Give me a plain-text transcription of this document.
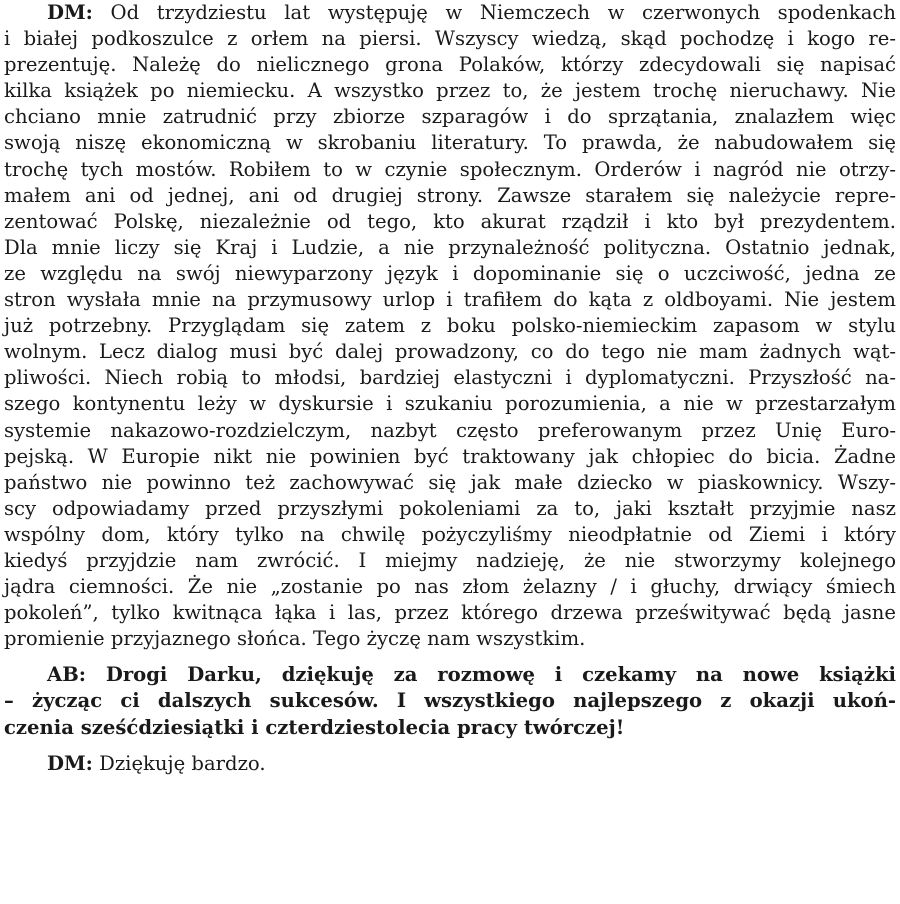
DM: Od trzydziestu lat występuję w Niemczech w czerwonych spodenkach
i białej podkoszulce z orłem na piersi. Wszyscy wiedzą, skąd pochodzę i kogo re-
prezentuję. Należę do nielicznego grona Polaków, którzy zdecydowali się napisać
kilka książek po niemiecku. A wszystko przez to, że jestem trochę nieruchawy. Nie
chciano mnie zatrudnić przy zbiorze szparagów i do sprzątania, znalazłem więc
swoją niszę ekonomiczną w skrobaniu literatury. To prawda, że nabudowałem się
trochę tych mostów. Robiłem to w czynie społecznym. Orderów i nagród nie otrzy-
małem ani od jednej, ani od drugiej strony. Zawsze starałem się należycie repre-
zentować Polskę, niezależnie od tego, kto akurat rządził i kto był prezydentem.
Dla mnie liczy się Kraj i Ludzie, a nie przynależność polityczna. Ostatnio jednak,
ze względu na swój niewyparzony język i dopominanie się o uczciwość, jedna ze
stron wysłała mnie na przymusowy urlop i trafiłem do kąta z oldboyami. Nie jestem
już potrzebny. Przyglądam się zatem z boku polsko-niemieckim zapasom w stylu
wolnym. Lecz dialog musi być dalej prowadzony, co do tego nie mam żadnych wąt-
pliwości. Niech robią to młodsi, bardziej elastyczni i dyplomatyczni. Przyszłość na-
szego kontynentu leży w dyskursie i szukaniu porozumienia, a nie w przestarzałym
systemie nakazowo-rozdzielczym, nazbyt często preferowanym przez Unię Euro-
pejską. W Europie nikt nie powinien być traktowany jak chłopiec do bicia. Żadne
państwo nie powinno też zachowywać się jak małe dziecko w piaskownicy. Wszy-
scy odpowiadamy przed przyszłymi pokoleniami za to, jaki kształt przyjmie nasz
wspólny dom, który tylko na chwilę pożyczyliśmy nieodpłatnie od Ziemi i który
kiedyś przyjdzie nam zwrócić. I miejmy nadzieję, że nie stworzymy kolejnego
jądra ciemności. Że nie „zostanie po nas złom żelazny / i głuchy, drwiący śmiech
pokoleń”, tylko kwitnąca łąka i las, przez którego drzewa prześwitywać będą jasne
promienie przyjaznego słońca. Tego życzę nam wszystkim.
AB: Drogi Darku, dziękuję za rozmowę i czekamy na nowe książki
– życząc ci dalszych sukcesów. I wszystkiego najlepszego z okazji ukoń-
czenia sześćdziesiątki i czterdziestolecia pracy twórczej!
DM: Dziękuję bardzo.
